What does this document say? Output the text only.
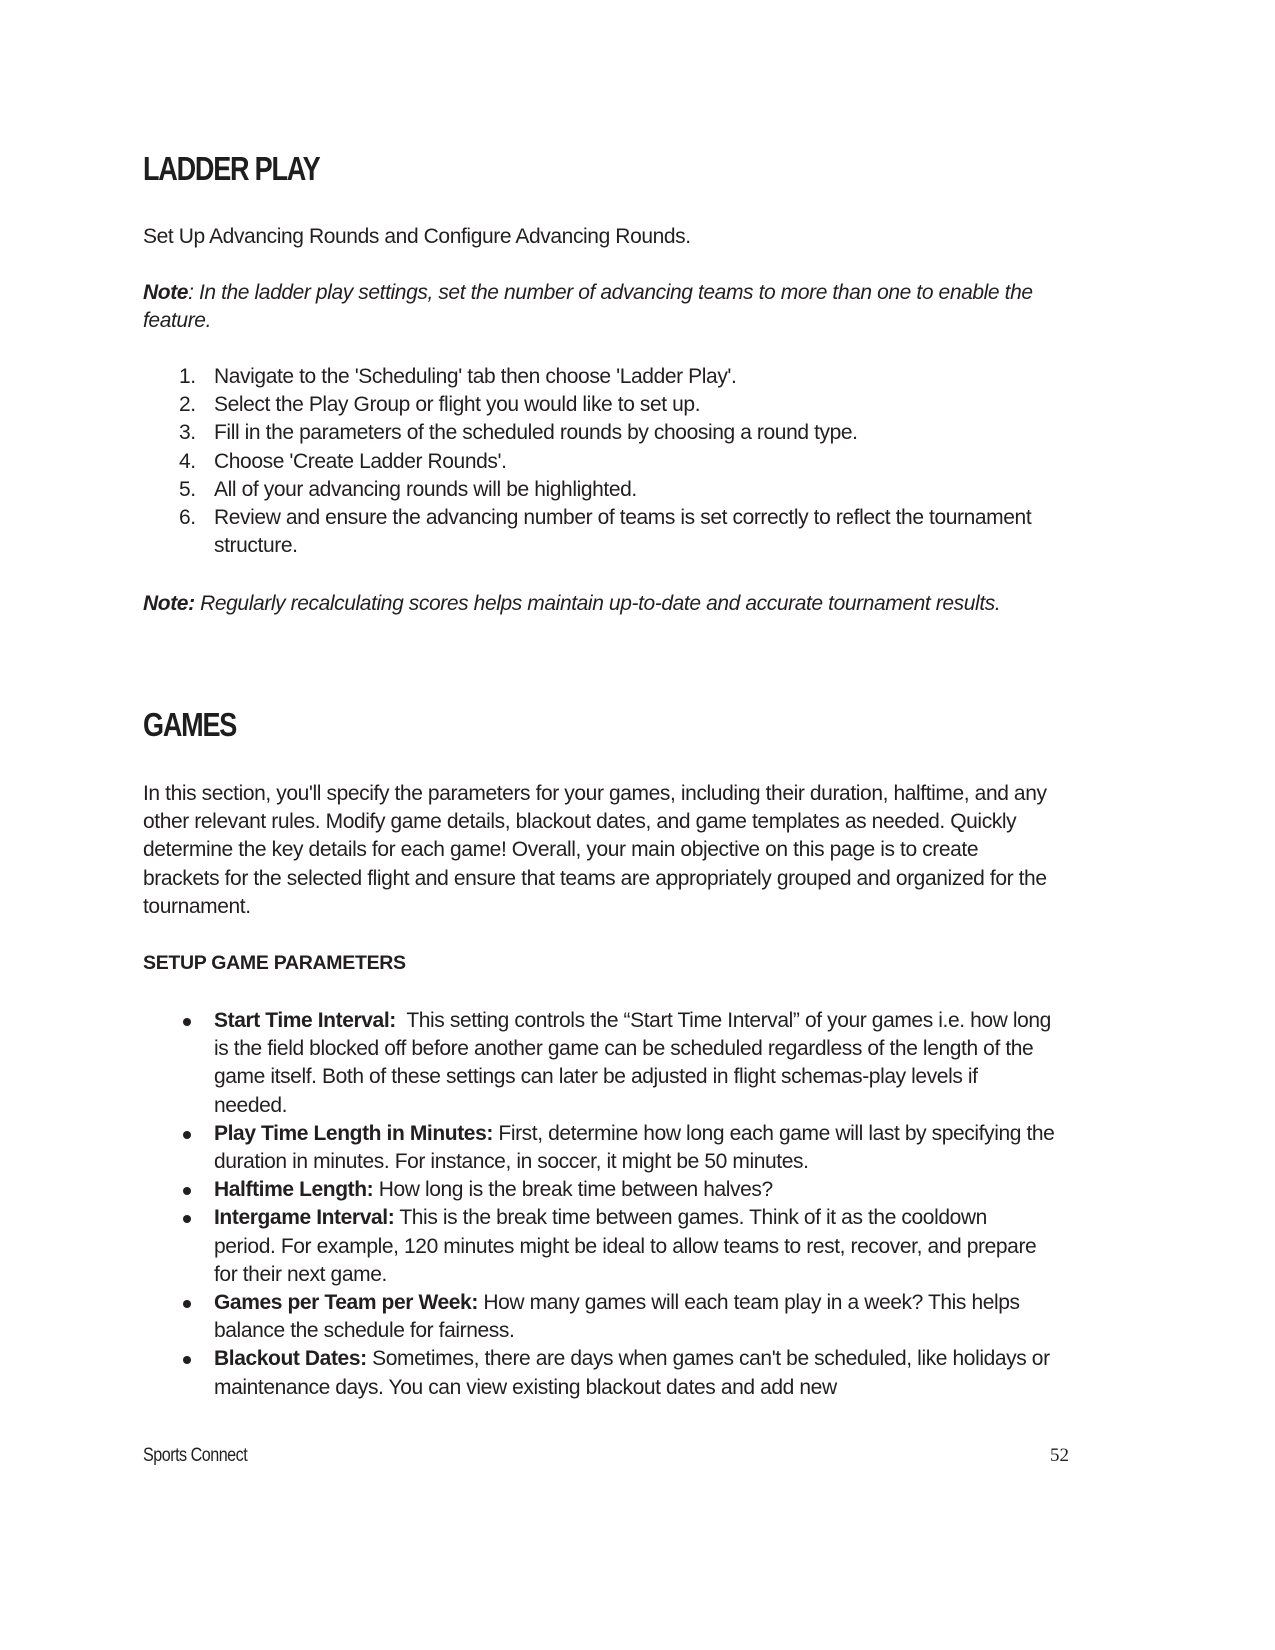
LADDER PLAY

Set Up Advancing Rounds and Configure Advancing Rounds.

Note: In the ladder play settings, set the number of advancing teams to more than one to enable the feature.

1. Navigate to the 'Scheduling' tab then choose 'Ladder Play'.
2. Select the Play Group or flight you would like to set up.
3. Fill in the parameters of the scheduled rounds by choosing a round type.
4. Choose 'Create Ladder Rounds'.
5. All of your advancing rounds will be highlighted.
6. Review and ensure the advancing number of teams is set correctly to reflect the tournament structure.

Note: Regularly recalculating scores helps maintain up-to-date and accurate tournament results.

GAMES

In this section, you'll specify the parameters for your games, including their duration, halftime, and any other relevant rules. Modify game details, blackout dates, and game templates as needed. Quickly determine the key details for each game! Overall, your main objective on this page is to create brackets for the selected flight and ensure that teams are appropriately grouped and organized for the tournament.

SETUP GAME PARAMETERS
Start Time Interval:  This setting controls the “Start Time Interval” of your games i.e. how long is the field blocked off before another game can be scheduled regardless of the length of the game itself. Both of these settings can later be adjusted in flight schemas-play levels if needed.
Play Time Length in Minutes: First, determine how long each game will last by specifying the duration in minutes. For instance, in soccer, it might be 50 minutes.
Halftime Length: How long is the break time between halves?
Intergame Interval: This is the break time between games. Think of it as the cooldown period. For example, 120 minutes might be ideal to allow teams to rest, recover, and prepare for their next game.
Games per Team per Week: How many games will each team play in a week? This helps balance the schedule for fairness.
Blackout Dates: Sometimes, there are days when games can't be scheduled, like holidays or maintenance days. You can view existing blackout dates and add new
Sports Connect	52
